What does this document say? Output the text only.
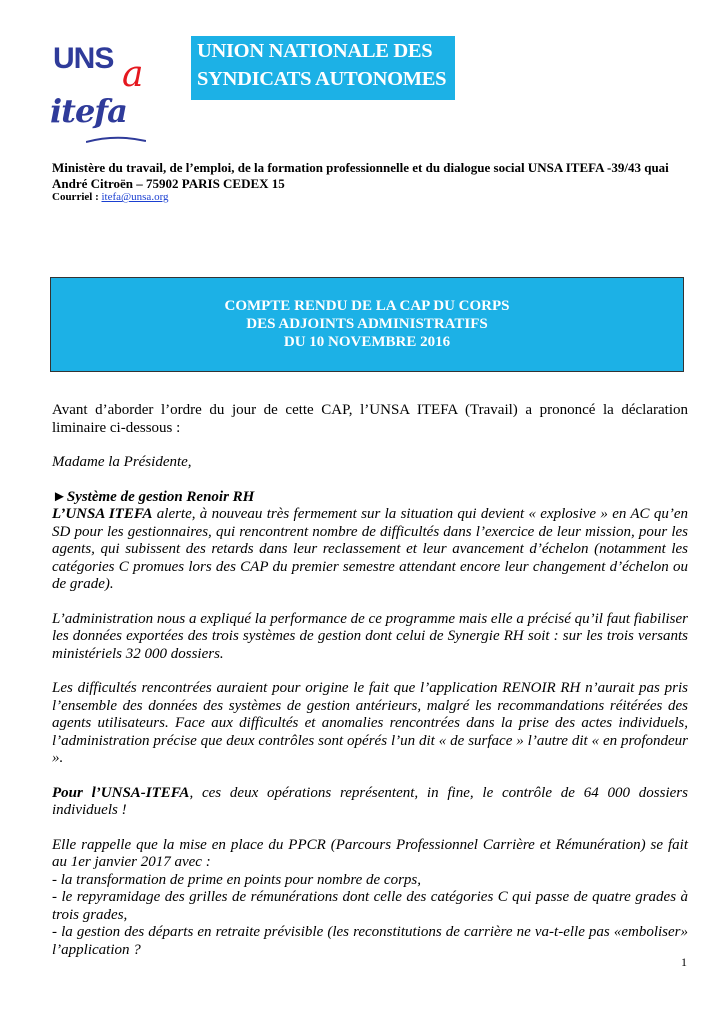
UNS a
itefa
UNION NATIONALE DES
SYNDICATS AUTONOMES
Ministère du travail, de l’emploi, de la formation professionnelle et du dialogue social UNSA ITEFA -39/43 quai
André Citroën – 75902 PARIS CEDEX 15
Courriel : itefa@unsa.org
COMPTE RENDU DE LA CAP DU CORPS
DES ADJOINTS ADMINISTRATIFS
DU 10 NOVEMBRE 2016

Avant d’aborder l’ordre du jour de cette CAP, l’UNSA ITEFA (Travail) a prononcé la déclaration liminaire ci-dessous :

Madame la Présidente,

►Système de gestion Renoir RH

L’UNSA ITEFA alerte, à nouveau très fermement sur la situation qui devient « explosive » en AC qu’en SD pour les gestionnaires, qui rencontrent nombre de difficultés dans l’exercice de leur mission, pour les agents, qui subissent des retards dans leur reclassement et leur avancement d’échelon (notamment les catégories C promues lors des CAP du premier semestre attendant encore leur changement d’échelon ou de grade).

L’administration nous a expliqué la performance de ce programme mais elle a précisé qu’il faut fiabiliser les données exportées des trois systèmes de gestion dont celui de Synergie RH soit : sur les trois versants ministériels 32 000 dossiers.

Les difficultés rencontrées auraient pour origine le fait que l’application RENOIR RH n’aurait pas pris l’ensemble des données des systèmes de gestion antérieurs, malgré les recommandations réitérées des agents utilisateurs. Face aux difficultés et anomalies rencontrées dans la prise des actes individuels, l’administration précise que deux contrôles sont opérés l’un dit « de surface » l’autre dit « en profondeur ».

Pour l’UNSA-ITEFA, ces deux opérations représentent, in fine, le contrôle de 64 000 dossiers individuels !

Elle rappelle que la mise en place du PPCR (Parcours Professionnel Carrière et Rémunération) se fait au 1er janvier 2017 avec :

- la transformation de prime en points pour nombre de corps,

- le repyramidage des grilles de rémunérations dont celle des catégories C qui passe de quatre grades à trois grades,

- la gestion des départs en retraite prévisible (les reconstitutions de carrière ne va-t-elle pas «emboliser» l’application ?

1
